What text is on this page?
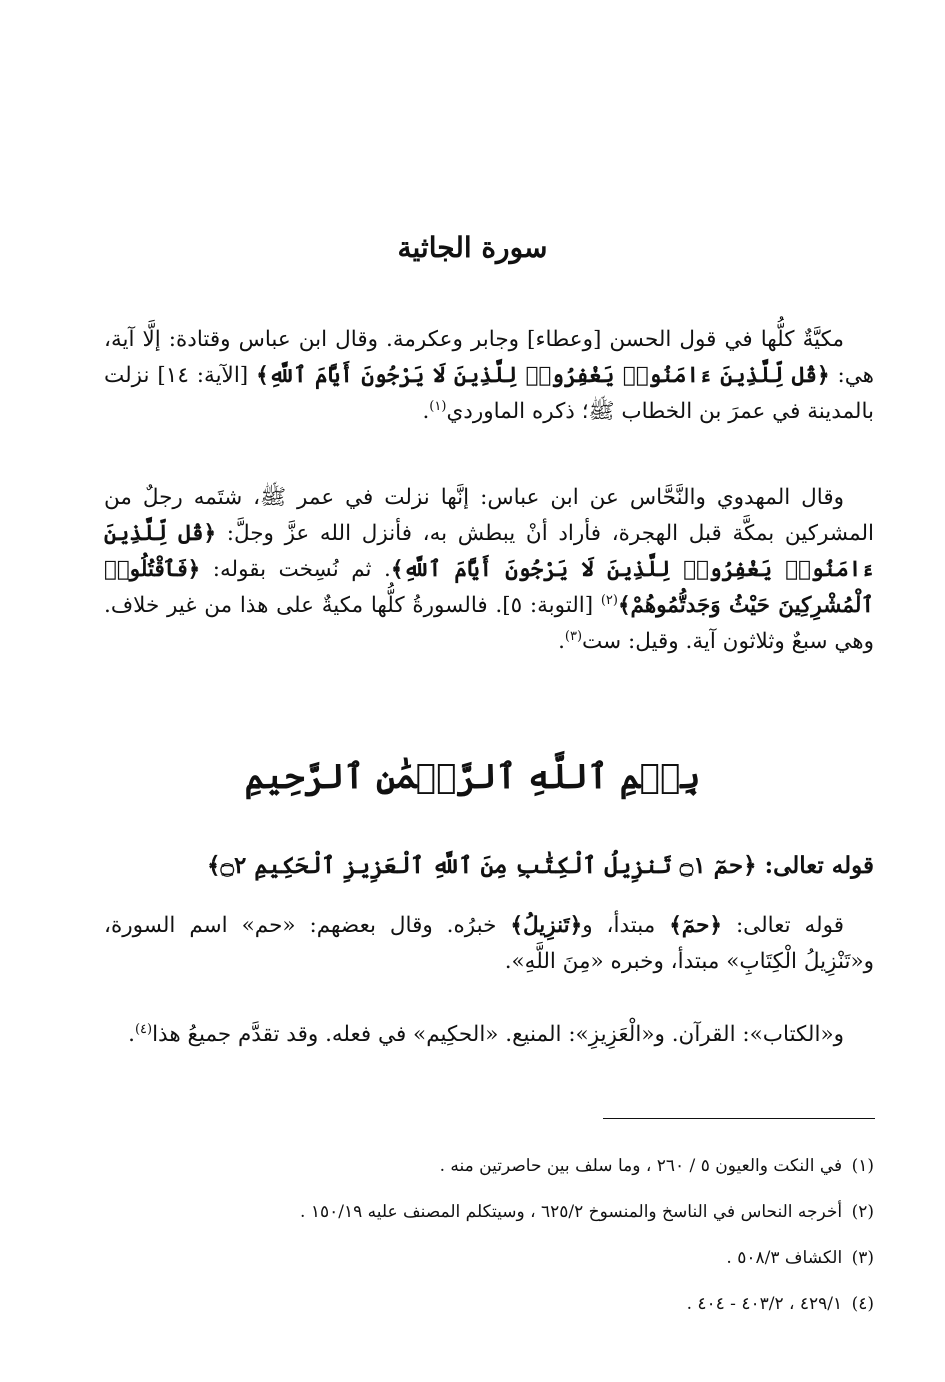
سورة الجاثية

مكيَّةٌ كلُّها في قول الحسن [وعطاء] وجابر وعكرمة. وقال ابن عباس وقتادة: إلَّا آية، هي: ﴿قُل لِّلَّذِينَ ءَامَنُوا۟ يَغْفِرُوا۟ لِلَّذِينَ لَا يَرْجُونَ أَيَّامَ ٱللَّهِ﴾ [الآية: ١٤] نزلت بالمدينة في عمرَ بن الخطاب ﷺ؛ ذكره الماوردي$^{(١)}$.

وقال المهدوي والنَّحَّاس عن ابن عباس: إنَّها نزلت في عمر ﷺ، شتَمه رجلٌ من المشركين بمكَّة قبل الهجرة، فأراد أنْ يبطش به، فأنزل الله عزَّ وجلَّ: ﴿قُل لِّلَّذِينَ ءَامَنُوا۟ يَغْفِرُوا۟ لِلَّذِينَ لَا يَرْجُونَ أَيَّامَ ٱللَّهِ﴾. ثم نُسِخت بقوله: ﴿فَٱقْتُلُوا۟ ٱلْمُشْرِكِينَ حَيْثُ وَجَدتُّمُوهُمْ﴾$^{(٢)}$ [التوبة: ٥]. فالسورةُ كلُّها مكيةٌ على هذا من غير خلاف. وهي سبعٌ وثلاثون آية. وقيل: ست$^{(٣)}$.

بِسۡمِ ٱللَّهِ ٱلرَّحۡمَٰنِ ٱلرَّحِيمِ
قوله تعالى: ﴿حمٓ ۝١ تَنزِيلُ ٱلْكِتَٰبِ مِنَ ٱللَّهِ ٱلْعَزِيزِ ٱلْحَكِيمِ ۝٢﴾

قوله تعالى: ﴿حمٓ﴾ مبتدأ، و﴿تَنزِيلُ﴾ خبرُه. وقال بعضهم: «حم» اسم السورة، و«تَنْزِيلُ الْكِتَابِ» مبتدأ، وخبره «مِنَ اللَّهِ».

و«الكتاب»: القرآن. و«الْعَزِيزِ»: المنيع. «الحكِيم» في فعله. وقد تقدَّم جميعُ هذا$^{(٤)}$.

(١) في النكت والعيون ٥ / ٢٦٠ ، وما سلف بين حاصرتين منه .
(٢) أخرجه النحاس في الناسخ والمنسوخ ٦٢٥/٢ ، وسيتكلم المصنف عليه ١٥٠/١٩ .
(٣) الكشاف ٥٠٨/٣ .
(٤) ٤٢٩/١ ، ٤٠٣/٢ - ٤٠٤ .
